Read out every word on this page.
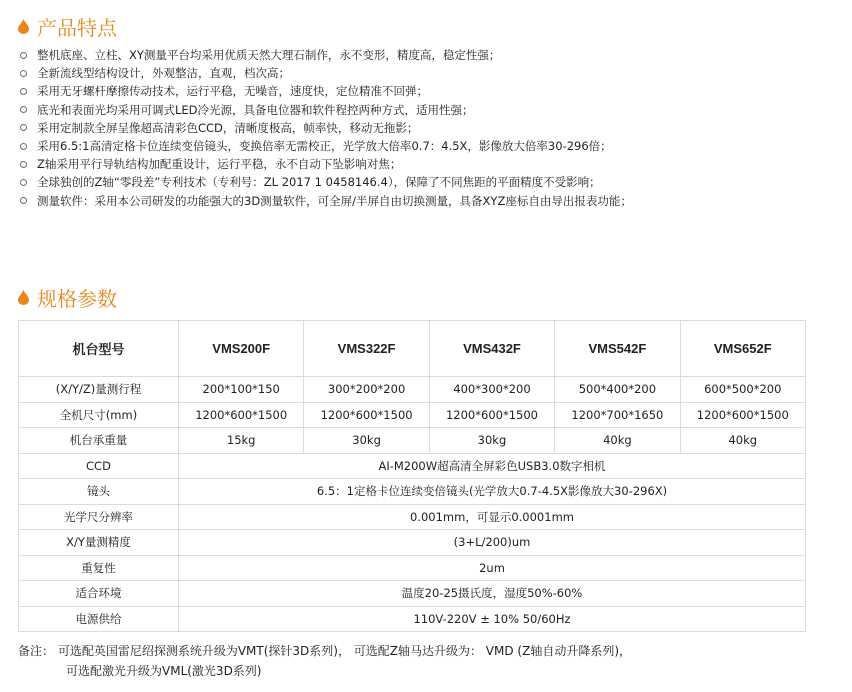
产品特点
整机底座、立柱、XY测量平台均采用优质天然大理石制作，永不变形，精度高，稳定性强；
全新流线型结构设计，外观整洁，直观，档次高；
采用无牙螺杆摩擦传动技术，运行平稳，无噪音，速度快，定位精准不回弹；
底光和表面光均采用可调式LED冷光源，具备电位器和软件程控两种方式，适用性强；
采用定制款全屏呈像超高清彩色CCD，清晰度极高，帧率快，移动无拖影；
采用6.5:1高清定格卡位连续变倍镜头，变换倍率无需校正，光学放大倍率0.7：4.5X，影像放大倍率30-296倍；
Z轴采用平行导轨结构加配重设计，运行平稳，永不自动下坠影响对焦；
全球独创的Z轴“零段差”专利技术（专利号：ZL 2017 1 0458146.4），保障了不同焦距的平面精度不受影响；
测量软件：采用本公司研发的功能强大的3D测量软件，可全屏/半屏自由切换测量，具备XYZ座标自由导出报表功能；
规格参数
机台型号	VMS200F	VMS322F	VMS432F	VMS542F	VMS652F
(X/Y/Z)量测行程	200*100*150	300*200*200	400*300*200	500*400*200	600*500*200
全机尺寸(mm)	1200*600*1500	1200*600*1500	1200*600*1500	1200*700*1650	1200*600*1500
机台承重量	15kg	30kg	30kg	40kg	40kg
CCD	AI-M200W超高清全屏彩色USB3.0数字相机				
镜头	6.5：1定格卡位连续变倍镜头(光学放大0.7-4.5X影像放大30-296X)				
光学尺分辨率	0.001mm，可显示0.0001mm				
X/Y量测精度	(3+L/200)um				
重复性	2um				
适合环境	温度20-25摄氏度，湿度50%-60%				
电源供给	110V-220V ± 10% 50/60Hz				
备注： 可选配英国雷尼绍探测系统升级为VMT(探针3D系列)， 可选配Z轴马达升级为： VMD (Z轴自动升降系列)，
可选配激光升级为VML(激光3D系列)
